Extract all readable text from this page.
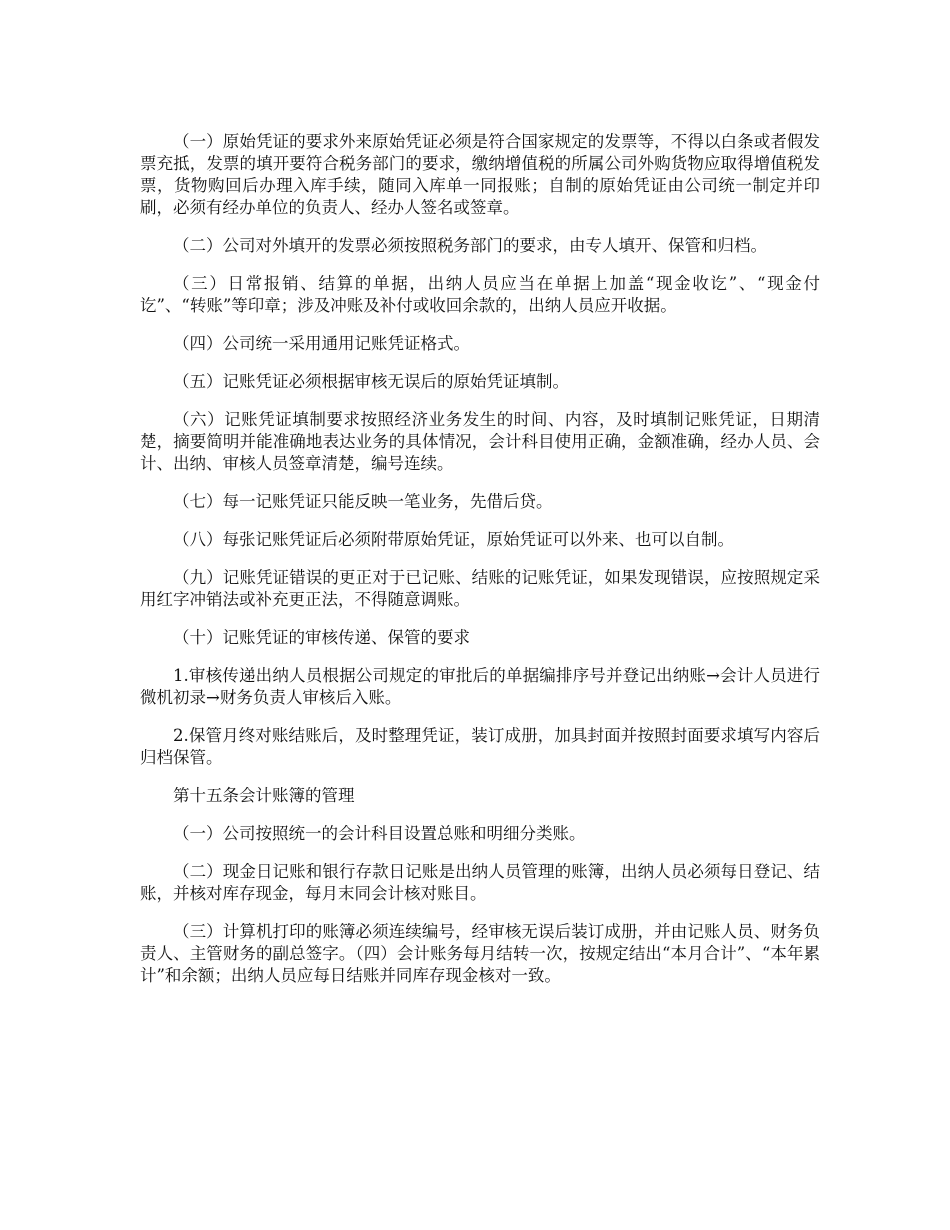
（一）原始凭证的要求外来原始凭证必须是符合国家规定的发票等，不得以白条或者假发票充抵，发票的填开要符合税务部门的要求，缴纳增值税的所属公司外购货物应取得增值税发票，货物购回后办理入库手续，随同入库单一同报账；自制的原始凭证由公司统一制定并印刷，必须有经办单位的负责人、经办人签名或签章。

（二）公司对外填开的发票必须按照税务部门的要求，由专人填开、保管和归档。

（三）日常报销、结算的单据，出纳人员应当在单据上加盖“现金收讫”、“现金付讫”、“转账”等印章；涉及冲账及补付或收回余款的，出纳人员应开收据。

（四）公司统一采用通用记账凭证格式。

（五）记账凭证必须根据审核无误后的原始凭证填制。

（六）记账凭证填制要求按照经济业务发生的时间、内容，及时填制记账凭证，日期清楚，摘要简明并能准确地表达业务的具体情况，会计科目使用正确，金额准确，经办人员、会计、出纳、审核人员签章清楚，编号连续。

（七）每一记账凭证只能反映一笔业务，先借后贷。

（八）每张记账凭证后必须附带原始凭证，原始凭证可以外来、也可以自制。

（九）记账凭证错误的更正对于已记账、结账的记账凭证，如果发现错误，应按照规定采用红字冲销法或补充更正法，不得随意调账。

（十）记账凭证的审核传递、保管的要求

1.审核传递出纳人员根据公司规定的审批后的单据编排序号并登记出纳账→会计人员进行微机初录→财务负责人审核后入账。

2.保管月终对账结账后，及时整理凭证，装订成册，加具封面并按照封面要求填写内容后归档保管。

第十五条会计账簿的管理

（一）公司按照统一的会计科目设置总账和明细分类账。

（二）现金日记账和银行存款日记账是出纳人员管理的账簿，出纳人员必须每日登记、结账，并核对库存现金，每月末同会计核对账目。

（三）计算机打印的账簿必须连续编号，经审核无误后装订成册，并由记账人员、财务负责人、主管财务的副总签字。（四）会计账务每月结转一次，按规定结出“本月合计”、“本年累计”和余额；出纳人员应每日结账并同库存现金核对一致。
